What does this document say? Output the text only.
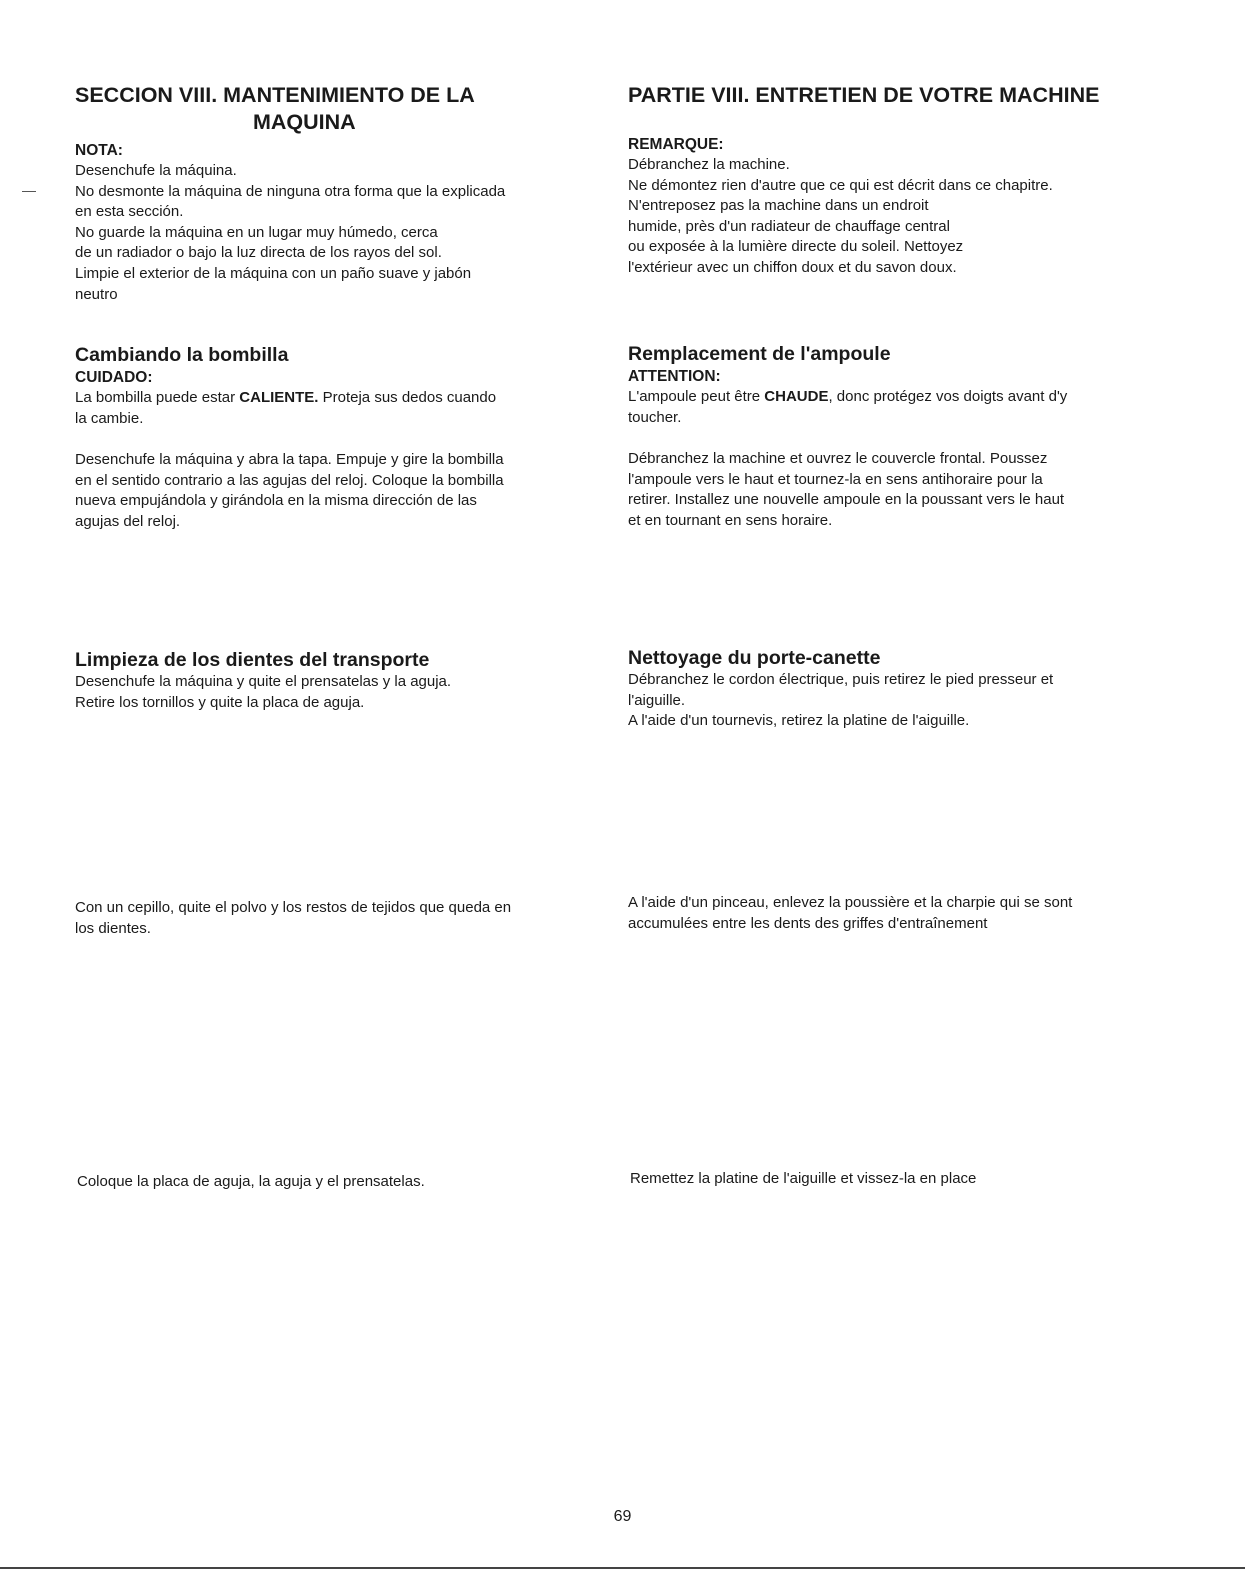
SECCION VIII. MANTENIMIENTO DE LA
MAQUINA

NOTA:

Desenchufe la máquina.
No desmonte la máquina de ninguna otra forma que la explicada
en esta sección.
No guarde la máquina en un lugar muy húmedo, cerca
de un radiador o bajo la luz directa de los rayos del sol.
Limpie el exterior de la máquina con un paño suave y jabón
neutro

Cambiando la bombilla

CUIDADO:

La bombilla puede estar CALIENTE. Proteja sus dedos cuando
la cambie.

Desenchufe la máquina y abra la tapa. Empuje y gire la bombilla
en el sentido contrario a las agujas del reloj. Coloque la bombilla
nueva empujándola y girándola en la misma dirección de las
agujas del reloj.

Limpieza de los dientes del transporte

Desenchufe la máquina y quite el prensatelas y la aguja.
Retire los tornillos y quite la placa de aguja.

Con un cepillo, quite el polvo y los restos de tejidos que queda en
los dientes.

Coloque la placa de aguja, la aguja y el prensatelas.

PARTIE VIII. ENTRETIEN DE VOTRE MACHINE

REMARQUE:

Débranchez la machine.
Ne démontez rien d'autre que ce qui est décrit dans ce chapitre.
N'entreposez pas la machine dans un endroit
humide, près d'un radiateur de chauffage central
ou exposée à la lumière directe du soleil. Nettoyez
l'extérieur avec un chiffon doux et du savon doux.

Remplacement de l'ampoule

ATTENTION:

L'ampoule peut être CHAUDE, donc protégez vos doigts avant d'y
toucher.

Débranchez la machine et ouvrez le couvercle frontal. Poussez
l'ampoule vers le haut et tournez-la en sens antihoraire pour la
retirer. Installez une nouvelle ampoule en la poussant vers le haut
et en tournant en sens horaire.

Nettoyage du porte-canette

Débranchez le cordon électrique, puis retirez le pied presseur et
l'aiguille.
A l'aide d'un tournevis, retirez la platine de l'aiguille.

A l'aide d'un pinceau, enlevez la poussière et la charpie qui se sont
accumulées entre les dents des griffes d'entraînement

Remettez la platine de l'aiguille et vissez-la en place

69
